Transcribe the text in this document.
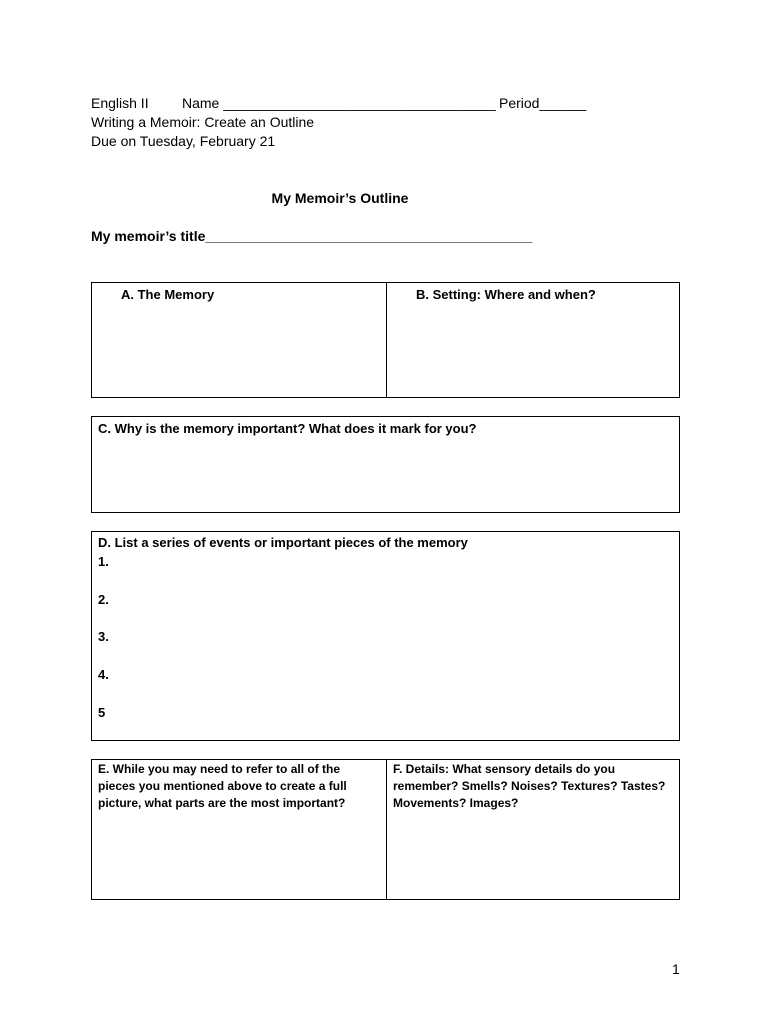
English II Name ___________________________________ Period______
Writing a Memoir: Create an Outline
Due on Tuesday, February 21
My Memoir’s Outline
My memoir’s title__________________________________________
A. The Memory	B. Setting: Where and when?
C. Why is the memory important? What does it mark for you?
D. List a series of events or important pieces of the memory
1.
2.
3.
4.
5
E. While you may need to refer to all of the pieces you mentioned above to create a full picture, what parts are the most important?
F. Details: What sensory details do you remember? Smells? Noises? Textures? Tastes? Movements? Images?
1
